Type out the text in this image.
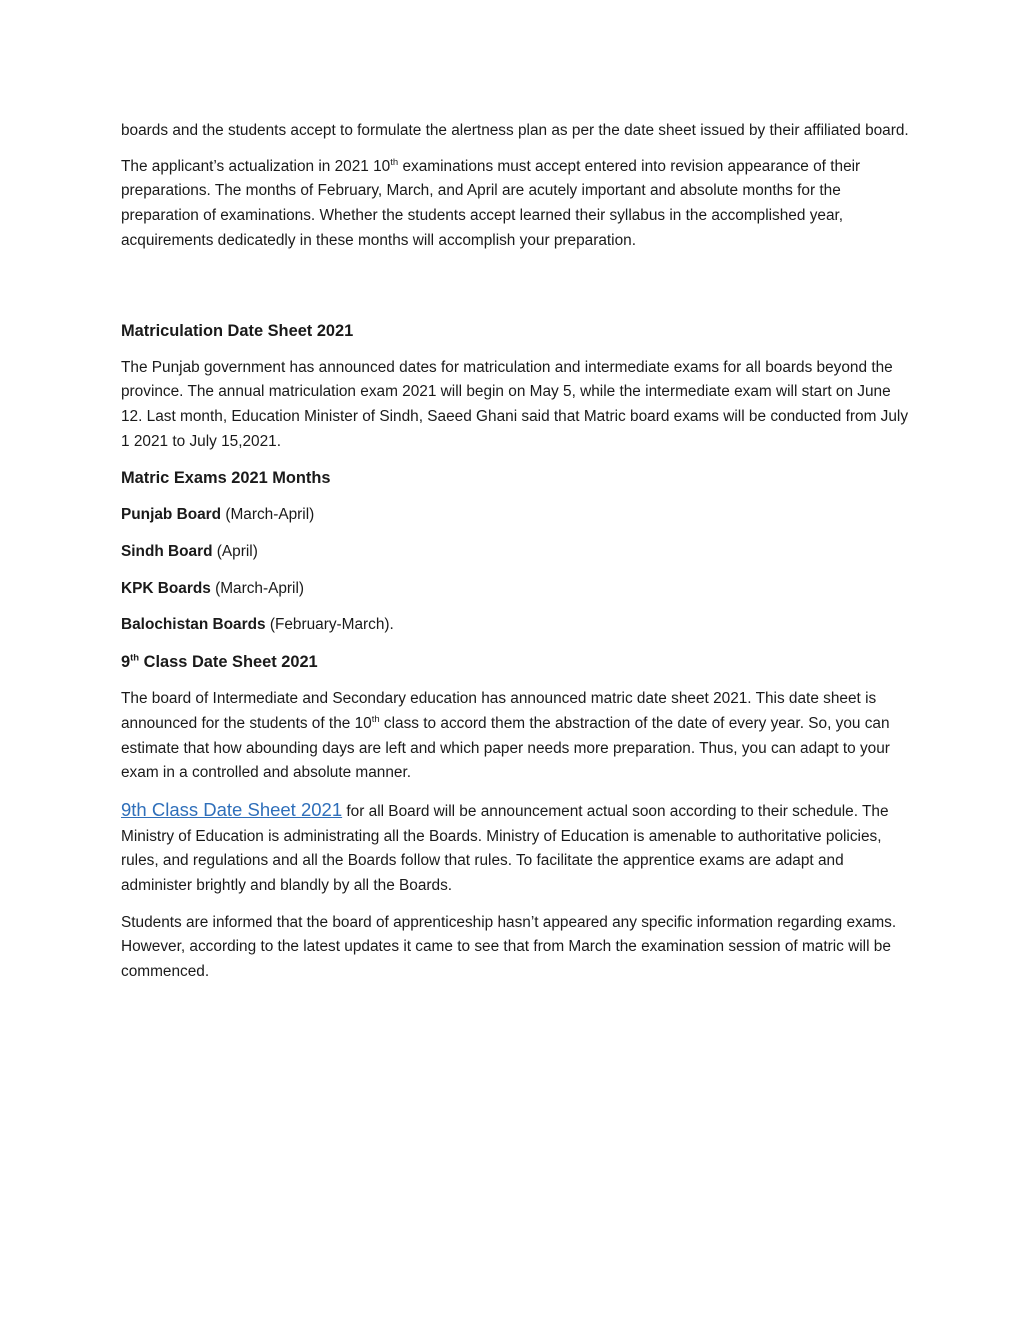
boards and the students accept to formulate the alertness plan as per the date sheet issued by their affiliated board.

The applicant’s actualization in 2021 10th examinations must accept entered into revision appearance of their preparations. The months of February, March, and April are acutely important and absolute months for the preparation of examinations. Whether the students accept learned their syllabus in the accomplished year, acquirements dedicatedly in these months will accomplish your preparation.

Matriculation Date Sheet 2021

The Punjab government has announced dates for matriculation and intermediate exams for all boards beyond the province. The annual matriculation exam 2021 will begin on May 5, while the intermediate exam will start on June 12. Last month, Education Minister of Sindh, Saeed Ghani said that Matric board exams will be conducted from July 1 2021 to July 15,2021.

Matric Exams 2021 Months

Punjab Board (March-April)

Sindh Board (April)

KPK Boards (March-April)

Balochistan Boards (February-March).

9th Class Date Sheet 2021

The board of Intermediate and Secondary education has announced matric date sheet 2021. This date sheet is announced for the students of the 10th class to accord them the abstraction of the date of every year. So, you can estimate that how abounding days are left and which paper needs more preparation. Thus, you can adapt to your exam in a controlled and absolute manner.

9th Class Date Sheet 2021 for all Board will be announcement actual soon according to their schedule. The Ministry of Education is administrating all the Boards. Ministry of Education is amenable to authoritative policies, rules, and regulations and all the Boards follow that rules. To facilitate the apprentice exams are adapt and administer brightly and blandly by all the Boards.

Students are informed that the board of apprenticeship hasn’t appeared any specific information regarding exams. However, according to the latest updates it came to see that from March the examination session of matric will be commenced.
